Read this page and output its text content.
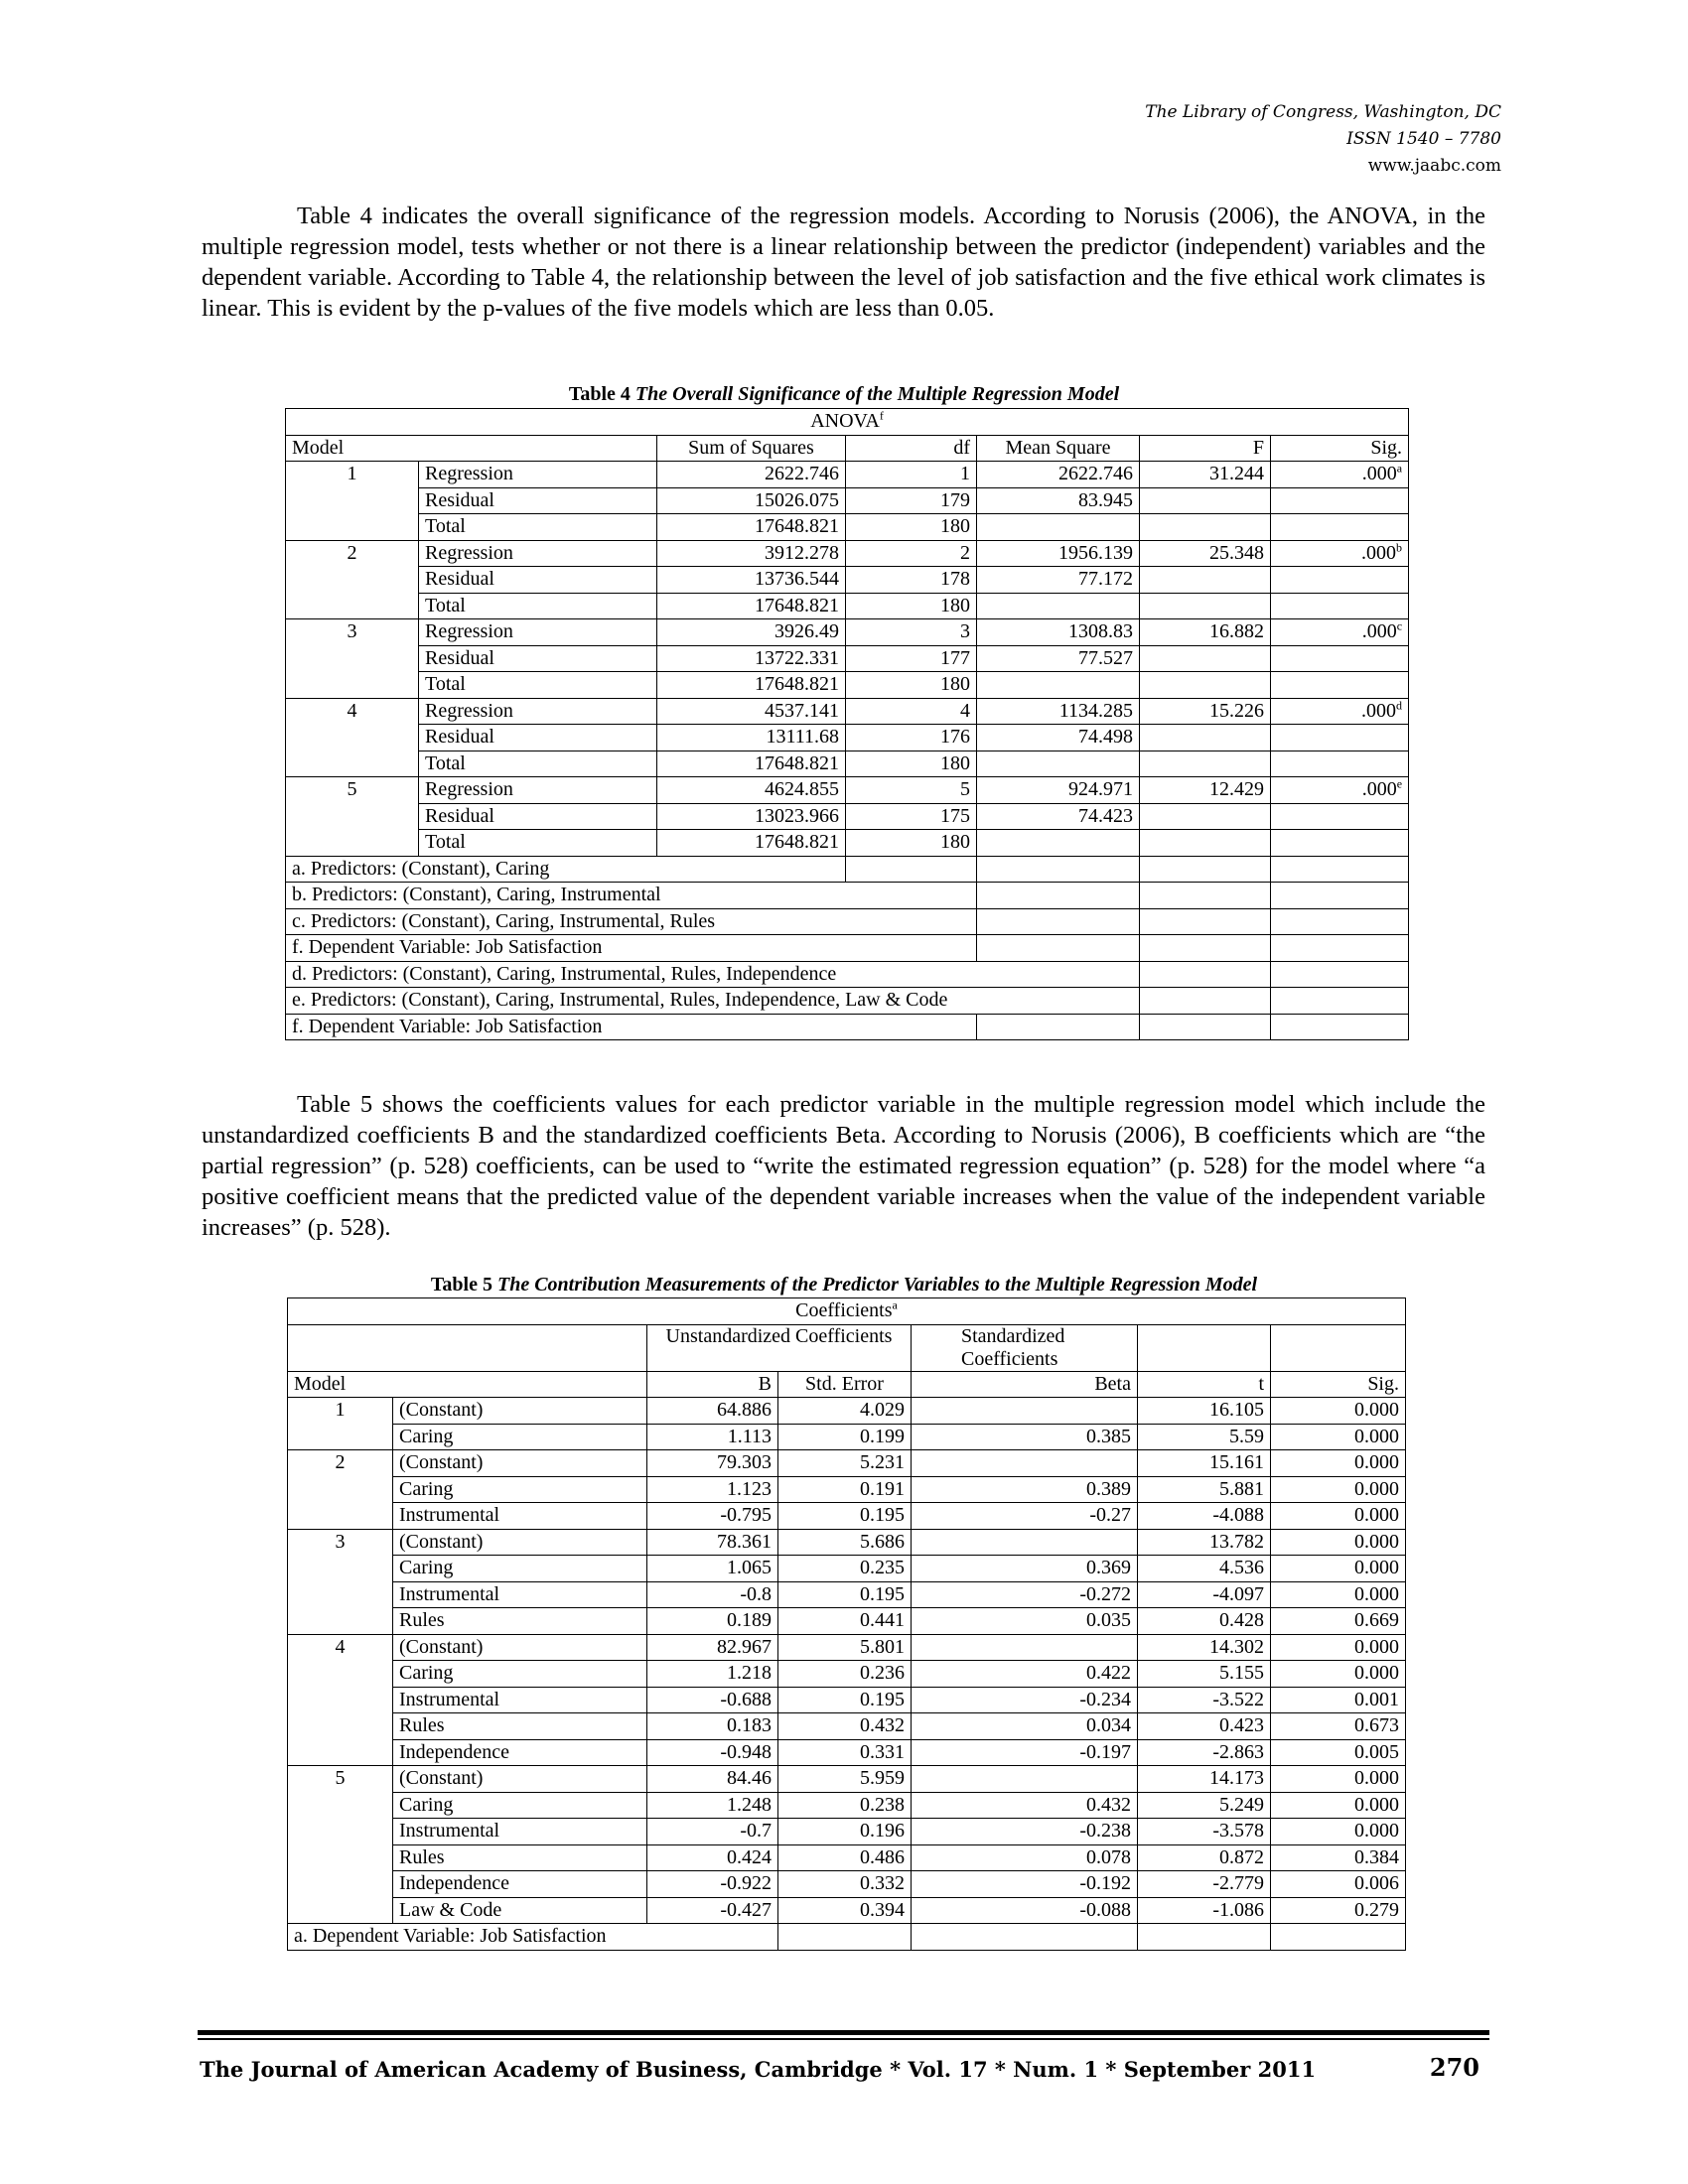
The Library of Congress, Washington, DC
ISSN 1540 – 7780
www.jaabc.com
Table 4 indicates the overall significance of the regression models. According to Norusis (2006), the ANOVA, in the multiple regression model, tests whether or not there is a linear relationship between the predictor (independent) variables and the dependent variable. According to Table 4, the relationship between the level of job satisfaction and the five ethical work climates is linear. This is evident by the p-values of the five models which are less than 0.05.
Table 4 The Overall Significance of the Multiple Regression Model
ANOVA$^f$
Model		Sum of Squares	df	Mean Square	F	Sig.
1	Regression	2622.746	1	2622.746	31.244	.000$^a$
	Residual	15026.075	179	83.945		
	Total	17648.821	180			
2	Regression	3912.278	2	1956.139	25.348	.000$^b$
	Residual	13736.544	178	77.172		
	Total	17648.821	180			
3	Regression	3926.49	3	1308.83	16.882	.000$^c$
	Residual	13722.331	177	77.527		
	Total	17648.821	180			
4	Regression	4537.141	4	1134.285	15.226	.000$^d$
	Residual	13111.68	176	74.498		
	Total	17648.821	180			
5	Regression	4624.855	5	924.971	12.429	.000e
	Residual	13023.966	175	74.423		
	Total	17648.821	180			
a. Predictors: (Constant), Caring						
b. Predictors: (Constant), Caring, Instrumental						
c. Predictors: (Constant), Caring, Instrumental, Rules						
f. Dependent Variable: Job Satisfaction						
d. Predictors: (Constant), Caring, Instrumental, Rules, Independence						
e. Predictors: (Constant), Caring, Instrumental, Rules, Independence, Law & Code						
f. Dependent Variable: Job Satisfaction						
Table 5 shows the coefficients values for each predictor variable in the multiple regression model which include the unstandardized coefficients B and the standardized coefficients Beta. According to Norusis (2006), B coefficients which are “the partial regression” (p. 528) coefficients, can be used to “write the estimated regression equation” (p. 528) for the model where “a positive coefficient means that the predicted value of the dependent variable increases when the value of the independent variable increases” (p. 528).
Table 5 The Contribution Measurements of the Predictor Variables to the Multiple Regression Model
Coefficients$^a$
		Unstandardized Coefficients		Standardized Coefficients		
Model		B	Std. Error	Beta	t	Sig.
1	(Constant)	64.886	4.029		16.105	0.000
	Caring	1.113	0.199	0.385	5.59	0.000
2	(Constant)	79.303	5.231		15.161	0.000
	Caring	1.123	0.191	0.389	5.881	0.000
	Instrumental	-0.795	0.195	-0.27	-4.088	0.000
3	(Constant)	78.361	5.686		13.782	0.000
	Caring	1.065	0.235	0.369	4.536	0.000
	Instrumental	-0.8	0.195	-0.272	-4.097	0.000
	Rules	0.189	0.441	0.035	0.428	0.669
4	(Constant)	82.967	5.801		14.302	0.000
	Caring	1.218	0.236	0.422	5.155	0.000
	Instrumental	-0.688	0.195	-0.234	-3.522	0.001
	Rules	0.183	0.432	0.034	0.423	0.673
	Independence	-0.948	0.331	-0.197	-2.863	0.005
5	(Constant)	84.46	5.959		14.173	0.000
	Caring	1.248	0.238	0.432	5.249	0.000
	Instrumental	-0.7	0.196	-0.238	-3.578	0.000
	Rules	0.424	0.486	0.078	0.872	0.384
	Independence	-0.922	0.332	-0.192	-2.779	0.006
	Law & Code	-0.427	0.394	-0.088	-1.086	0.279
a. Dependent Variable: Job Satisfaction						
The Journal of American Academy of Business, Cambridge * Vol. 17 * Num. 1 * September 2011	270
